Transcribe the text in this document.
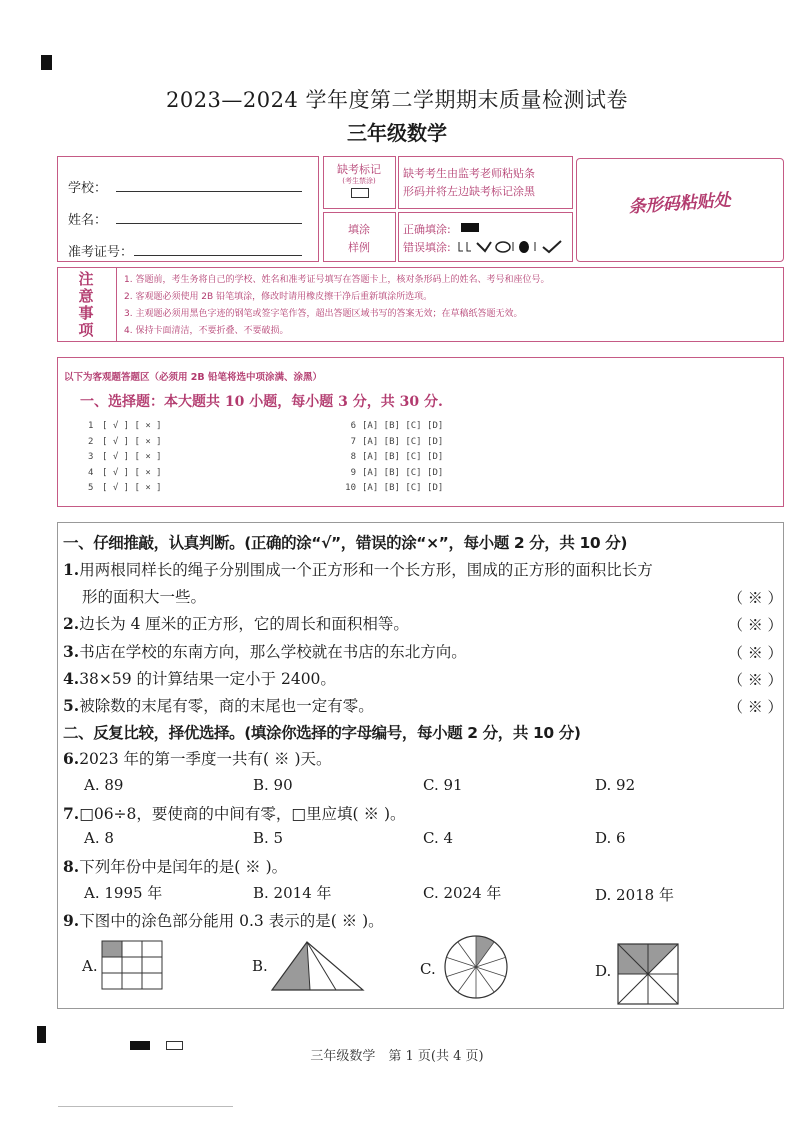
2023—2024 学年度第二学期期末质量检测试卷
三年级数学
学校：
姓名：
准考证号：
缺考标记
(考生禁涂)
缺考考生由监考老师粘贴条
形码并将左边缺考标记涂黑
填涂
样例
正确填涂:
错误填涂:
条形码粘贴处
注
意
事
项
1. 答题前，考生务将自己的学校、姓名和准考证号填写在答题卡上，核对条形码上的姓名、考号和座位号。
2. 客观题必须使用 2B 铅笔填涂，修改时请用橡皮擦干净后重新填涂所选项。
3. 主观题必须用黑色字迹的钢笔或签字笔作答，超出答题区域书写的答案无效；在草稿纸答题无效。
4. 保持卡面清洁，不要折叠、不要破损。
以下为客观题答题区（必须用 2B 铅笔将选中项涂满、涂黑）
一、选择题：本大题共 10 小题，每小题 3 分，共 30 分.
1 [ √ ] [ × ]
2 [ √ ] [ × ]
3 [ √ ] [ × ]
4 [ √ ] [ × ]
5 [ √ ] [ × ]
6 [A] [B] [C] [D]
7 [A] [B] [C] [D]
8 [A] [B] [C] [D]
9 [A] [B] [C] [D]
10 [A] [B] [C] [D]
一、仔细推敲，认真判断。(正确的涂“√”，错误的涂“×”，每小题 2 分，共 10 分)
1.用两根同样长的绳子分别围成一个正方形和一个长方形，围成的正方形的面积比长方
形的面积大一些。	（ ※ ）
2.边长为 4 厘米的正方形，它的周长和面积相等。	（ ※ ）
3.书店在学校的东南方向，那么学校就在书店的东北方向。	（ ※ ）
4.38×59 的计算结果一定小于 2400。	（ ※ ）
5.被除数的末尾有零，商的末尾也一定有零。	（ ※ ）
二、反复比较，择优选择。(填涂你选择的字母编号，每小题 2 分，共 10 分)
6.2023 年的第一季度一共有( ※ )天。
A. 89	B. 90	C. 91	D. 92
7.□06÷8，要使商的中间有零，□里应填( ※ )。
A. 8	B. 5	C. 4	D. 6
8.下列年份中是闰年的是( ※ )。
A. 1995 年	B. 2014 年	C. 2024 年	D. 2018 年
9.下图中的涂色部分能用 0.3 表示的是( ※ )。
A.	B.	C.	D.
三年级数学　第 1 页(共 4 页)
